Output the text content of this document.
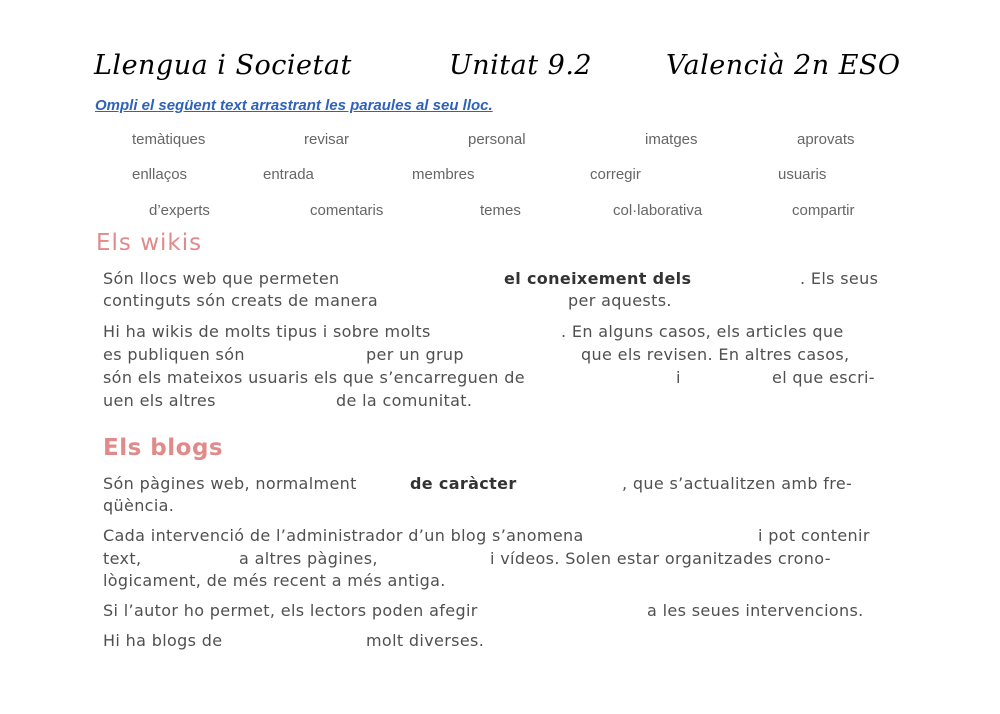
Llengua i Societat	Unitat 9.2	Valencià 2n ESO
Ompli el següent text arrastrant les paraules al seu lloc.
temàtiques	revisar	personal	imatges	aprovats
enllaços	entrada	membres	corregir	usuaris
d’experts	comentaris	temes	col·laborativa	compartir
Els wikis
Són llocs web que permeten	el coneixement dels	. Els seus
continguts són creats de manera	per aquests.
Hi ha wikis de molts tipus i sobre molts	. En alguns casos, els articles que
es publiquen són	per un grup	que els revisen. En altres casos,
són els mateixos usuaris els que s’encarreguen de	i	el que escri-
uen els altres	de la comunitat.
Els blogs
Són pàgines web, normalment	de caràcter	, que s’actualitzen amb fre-
qüència.
Cada intervenció de l’administrador d’un blog s’anomena	i pot contenir
text,	a altres pàgines,	i vídeos. Solen estar organitzades crono-
lògicament, de més recent a més antiga.
Si l’autor ho permet, els lectors poden afegir	a les seues intervencions.
Hi ha blogs de	molt diverses.
